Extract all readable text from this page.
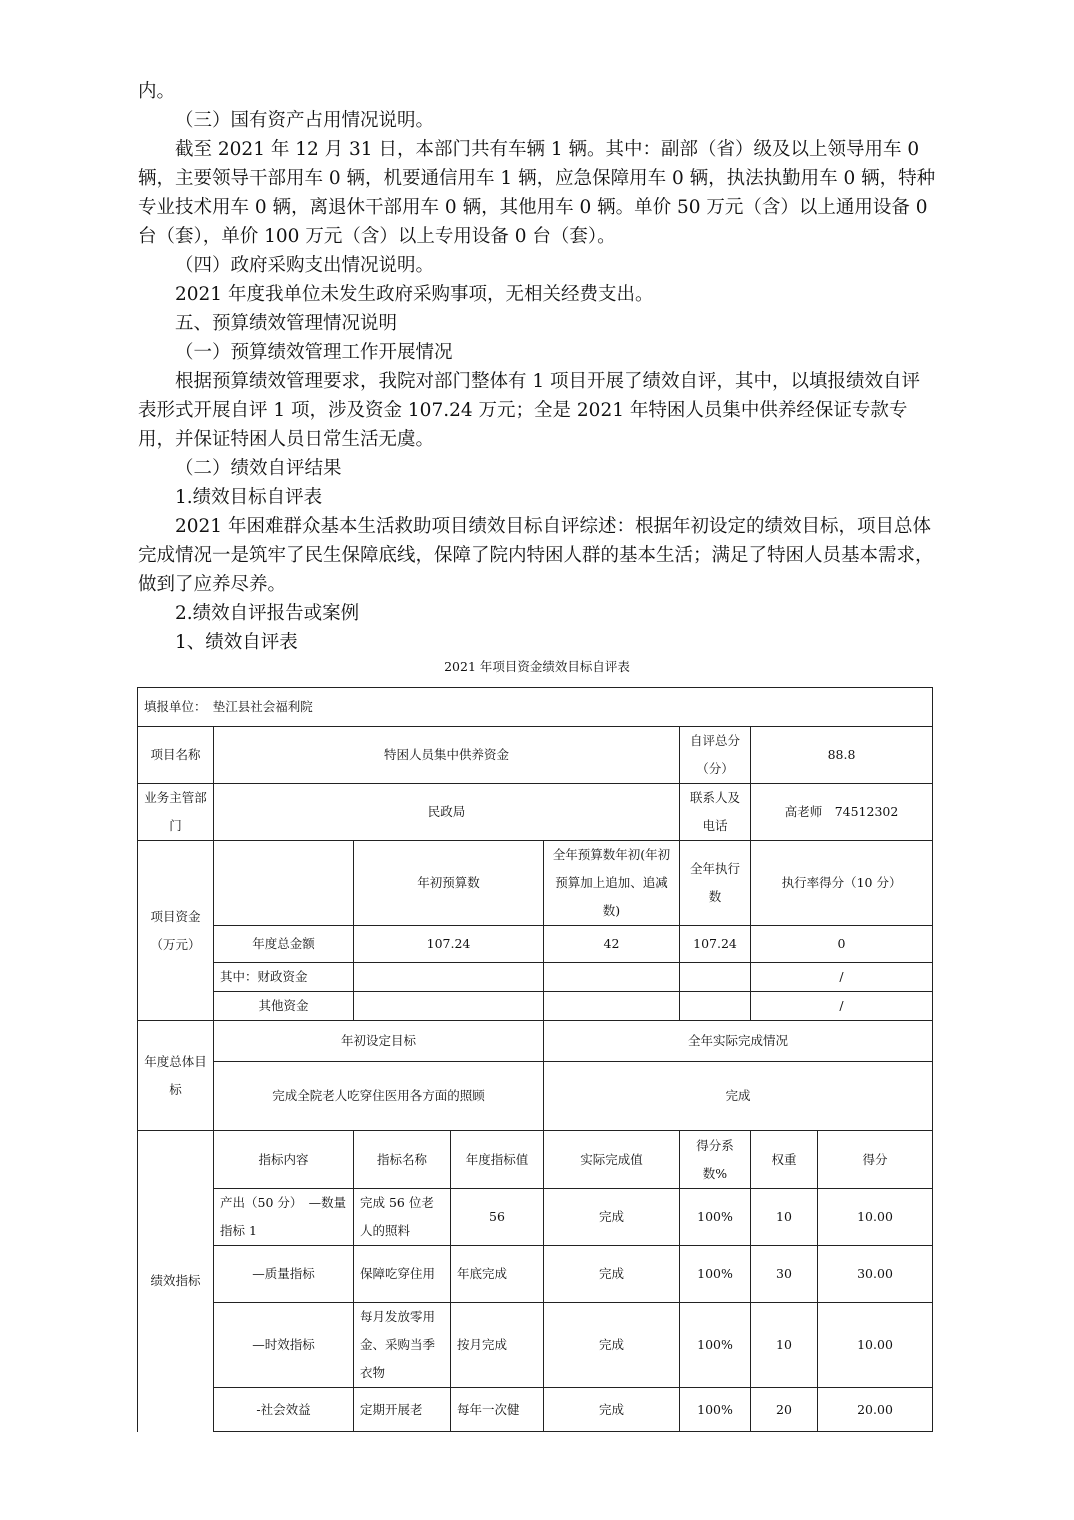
内。

（三）国有资产占用情况说明。

截至 2021 年 12 月 31 日，本部门共有车辆 1 辆。其中：副部（省）级及以上领导用车 0 辆，主要领导干部用车 0 辆，机要通信用车 1 辆，应急保障用车 0 辆，执法执勤用车 0 辆，特种专业技术用车 0 辆，离退休干部用车 0 辆，其他用车 0 辆。单价 50 万元（含）以上通用设备 0 台（套），单价 100 万元（含）以上专用设备 0 台（套）。

（四）政府采购支出情况说明。

2021 年度我单位未发生政府采购事项，无相关经费支出。

五、预算绩效管理情况说明

（一）预算绩效管理工作开展情况

根据预算绩效管理要求，我院对部门整体有 1 项目开展了绩效自评，其中，以填报绩效自评表形式开展自评 1 项，涉及资金 107.24 万元；全是 2021 年特困人员集中供养经保证专款专用，并保证特困人员日常生活无虞。

（二）绩效自评结果

1.绩效目标自评表

2021 年困难群众基本生活救助项目绩效目标自评综述：根据年初设定的绩效目标，项目总体完成情况一是筑牢了民生保障底线，保障了院内特困人群的基本生活；满足了特困人员基本需求，做到了应养尽养。

2.绩效自评报告或案例

1、绩效自评表

2021 年项目资金绩效目标自评表
填报单位：　垫江县社会福利院							
项目名称	特困人员集中供养资金				自评总分（分）	88.8	
业务主管部门	民政局				联系人及电话	高老师　74512302	
项目资金（万元）		年初预算数		全年预算数年初(年初预算加上追加、追减数)	全年执行数	执行率得分（10 分）	
	年度总金额	107.24		42	107.24	0	
	其中：财政资金					/	
	其他资金					/	
年度总体目标	年初设定目标			全年实际完成情况			
	完成全院老人吃穿住医用各方面的照顾			完成			
绩效指标	指标内容	指标名称	年度指标值	实际完成值	得分系数%	权重	得分
	产出（50 分）　—数量指标 1	完成 56 位老人的照料	56	完成	100%	10	10.00
	—质量指标	保障吃穿住用	年底完成	完成	100%	30	30.00
	—时效指标	每月发放零用金、采购当季衣物	按月完成	完成	100%	10	10.00
	-社会效益	定期开展老	每年一次健	完成	100%	20	20.00
